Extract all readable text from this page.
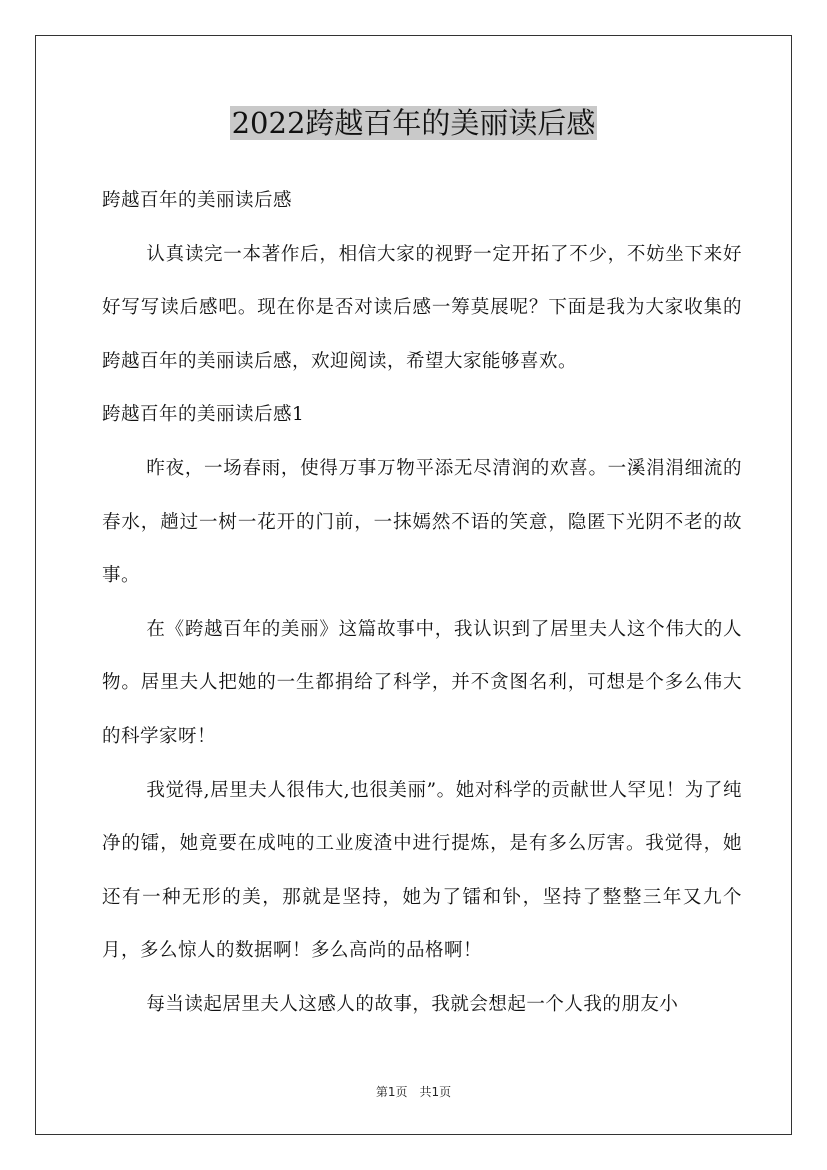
2022跨越百年的美丽读后感

跨越百年的美丽读后感

认真读完一本著作后，相信大家的视野一定开拓了不少，不妨坐下来好好写写读后感吧。现在你是否对读后感一筹莫展呢？下面是我为大家收集的跨越百年的美丽读后感，欢迎阅读，希望大家能够喜欢。

跨越百年的美丽读后感1

昨夜，一场春雨，使得万事万物平添无尽清润的欢喜。一溪涓涓细流的春水，趟过一树一花开的门前，一抹嫣然不语的笑意，隐匿下光阴不老的故事。

在《跨越百年的美丽》这篇故事中，我认识到了居里夫人这个伟大的人物。居里夫人把她的一生都捐给了科学，并不贪图名利，可想是个多么伟大的科学家呀！

我觉得,居里夫人很伟大,也很美丽”。她对科学的贡献世人罕见！为了纯净的镭，她竟要在成吨的工业废渣中进行提炼，是有多么厉害。我觉得，她还有一种无形的美，那就是坚持，她为了镭和钋，坚持了整整三年又九个月，多么惊人的数据啊！多么高尚的品格啊！

每当读起居里夫人这感人的故事，我就会想起一个人我的朋友小

第1页　共1页
